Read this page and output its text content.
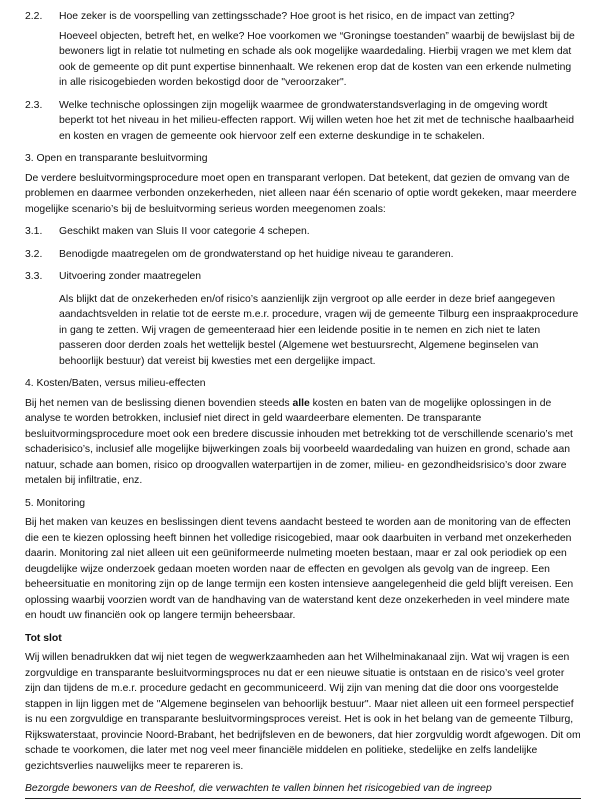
2.2.	Hoe zeker is de voorspelling van zettingsschade? Hoe groot is het risico, en de impact van zetting?

Hoeveel objecten, betreft het, en welke? Hoe voorkomen we “Groningse toestanden” waarbij de bewijslast bij de bewoners ligt in relatie tot nulmeting en schade als ook mogelijke waardedaling. Hierbij vragen we met klem dat ook de gemeente op dit punt expertise binnenhaalt. We rekenen erop dat de kosten van een erkende nulmeting in alle risicogebieden worden bekostigd door de "veroorzaker".

2.3.	Welke technische oplossingen zijn mogelijk waarmee de grondwaterstandsverlaging in de omgeving wordt beperkt tot het niveau in het milieu-effecten rapport. Wij willen weten hoe het zit met de technische haalbaarheid en kosten en vragen de gemeente ook hiervoor zelf een externe deskundige in te schakelen.

3. Open en transparante besluitvorming

De verdere besluitvormingsprocedure moet open en transparant verlopen. Dat betekent, dat gezien de omvang van de problemen en daarmee verbonden onzekerheden, niet alleen naar één scenario of optie wordt gekeken, maar meerdere mogelijke scenario’s bij de besluitvorming serieus worden meegenomen zoals:

3.1.	Geschikt maken van Sluis II voor categorie 4 schepen.
3.2.	Benodigde maatregelen om de grondwaterstand op het huidige niveau te garanderen.
3.3.	Uitvoering zonder maatregelen

Als blijkt dat de onzekerheden en/of risico’s aanzienlijk zijn vergroot op alle eerder in deze brief aangegeven aandachtsvelden in relatie tot de eerste m.e.r. procedure, vragen wij de gemeente Tilburg een inspraakprocedure in gang te zetten. Wij vragen de gemeenteraad hier een leidende positie in te nemen en zich niet te laten passeren door derden zoals het wettelijk bestel (Algemene wet bestuursrecht, Algemene beginselen van behoorlijk bestuur) dat vereist bij kwesties met een dergelijke impact.

4. Kosten/Baten, versus milieu-effecten

Bij het nemen van de beslissing dienen bovendien steeds alle kosten en baten van de mogelijke oplossingen in de analyse te worden betrokken, inclusief niet direct in geld waardeerbare elementen. De transparante besluitvormingsprocedure moet ook een bredere discussie inhouden met betrekking tot de verschillende scenario’s met schaderisico’s, inclusief alle mogelijke bijwerkingen zoals bij voorbeeld waardedaling van huizen en grond, schade aan natuur, schade aan bomen, risico op droogvallen waterpartijen in de zomer, milieu- en gezondheidsrisico’s door zware metalen bij infiltratie, enz.

5. Monitoring

Bij het maken van keuzes en beslissingen dient tevens aandacht besteed te worden aan de monitoring van de effecten die een te kiezen oplossing heeft binnen het volledige risicogebied, maar ook daarbuiten in verband met onzekerheden daarin. Monitoring zal niet alleen uit een geüniformeerde nulmeting moeten bestaan, maar er zal ook periodiek op een deugdelijke wijze onderzoek gedaan moeten worden naar de effecten en gevolgen als gevolg van de ingreep. Een beheersituatie en monitoring zijn op de lange termijn een kosten intensieve aangelegenheid die geld blijft vereisen. Een oplossing waarbij voorzien wordt van de handhaving van de waterstand kent deze onzekerheden in veel mindere mate en houdt uw financiën ook op langere termijn beheersbaar.

Tot slot

Wij willen benadrukken dat wij niet tegen de wegwerkzaamheden aan het Wilhelminakanaal zijn. Wat wij vragen is een zorgvuldige en transparante besluitvormingsproces nu dat er een nieuwe situatie is ontstaan en de risico’s veel groter zijn dan tijdens de m.e.r. procedure gedacht en gecommuniceerd. Wij zijn van mening dat die door ons voorgestelde stappen in lijn liggen met de "Algemene beginselen van behoorlijk bestuur". Maar niet alleen uit een formeel perspectief is nu een zorgvuldige en transparante besluitvormingsproces vereist. Het is ook in het belang van de gemeente Tilburg, Rijkswaterstaat, provincie Noord-Brabant, het bedrijfsleven en de bewoners, dat hier zorgvuldig wordt afgewogen. Dit om schade te voorkomen, die later met nog veel meer financiële middelen en politieke, stedelijke en zelfs landelijke gezichtsverlies nauwelijks meer te repareren is.

Bezorgde bewoners van de Reeshof, die verwachten te vallen binnen het risicogebied van de ingreep
